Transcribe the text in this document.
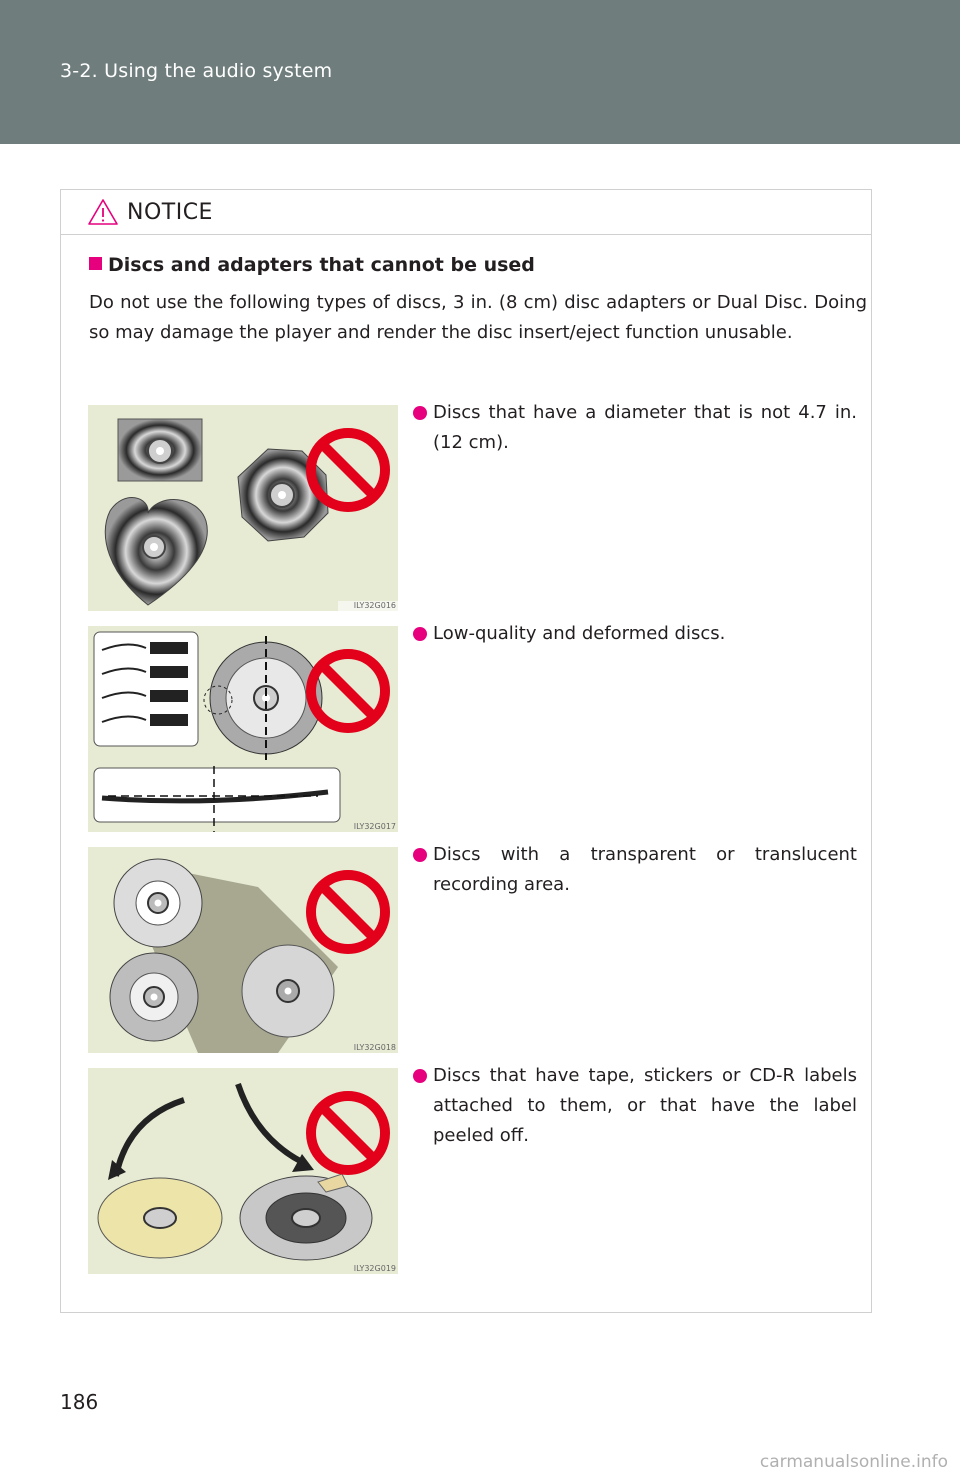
3-2. Using the audio system
NOTICE
Discs and adapters that cannot be used
Do not use the following types of discs, 3 in. (8 cm) disc adapters or Dual Disc. Doing so may damage the player and render the disc insert/eject function unusable.
ILY32G016
Discs that have a diameter that is not 4.7 in. (12 cm).
ILY32G017
Low-quality and deformed discs.
ILY32G018
Discs with a transparent or translucent recording area.
ILY32G019
Discs that have tape, stickers or CD-R labels attached to them, or that have the label peeled off.
186
carmanualsonline.info
